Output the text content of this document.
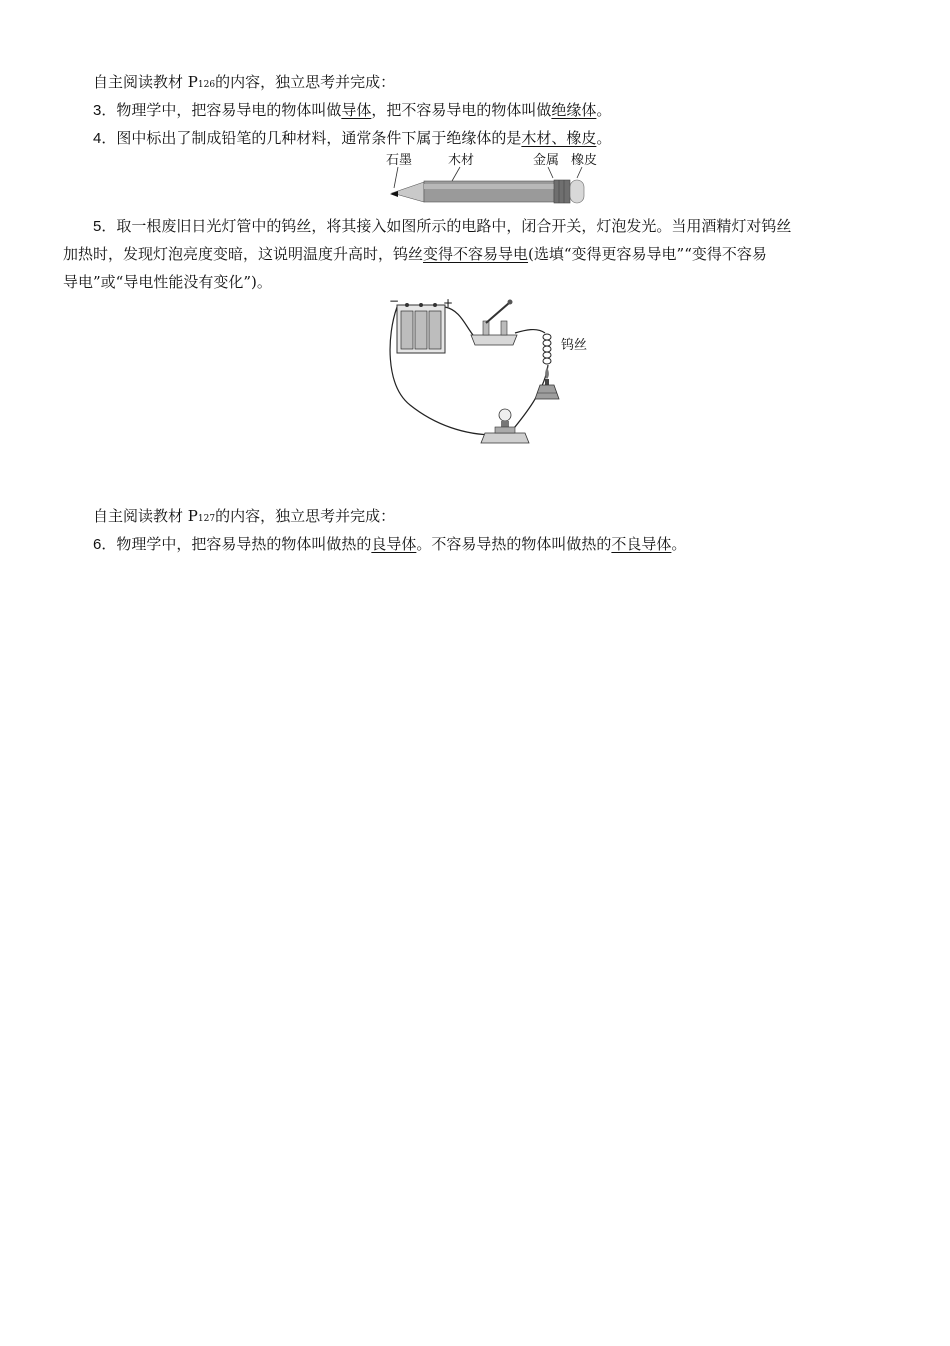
自主阅读教材 P126的内容，独立思考并完成：
3．物理学中，把容易导电的物体叫做导体，把不容易导电的物体叫做绝缘体。
4．图中标出了制成铅笔的几种材料，通常条件下属于绝缘体的是木材、橡皮。
石墨	木材	金属 橡皮
5．取一根废旧日光灯管中的钨丝，将其接入如图所示的电路中，闭合开关，灯泡发光。当用酒精灯对钨丝
加热时，发现灯泡亮度变暗，这说明温度升高时，钨丝变得不容易导电(选填“变得更容易导电”“变得不容易
导电”或“导电性能没有变化”)。
−	+
钨丝
自主阅读教材 P127的内容，独立思考并完成：
6．物理学中，把容易导热的物体叫做热的良导体。不容易导热的物体叫做热的不良导体。
